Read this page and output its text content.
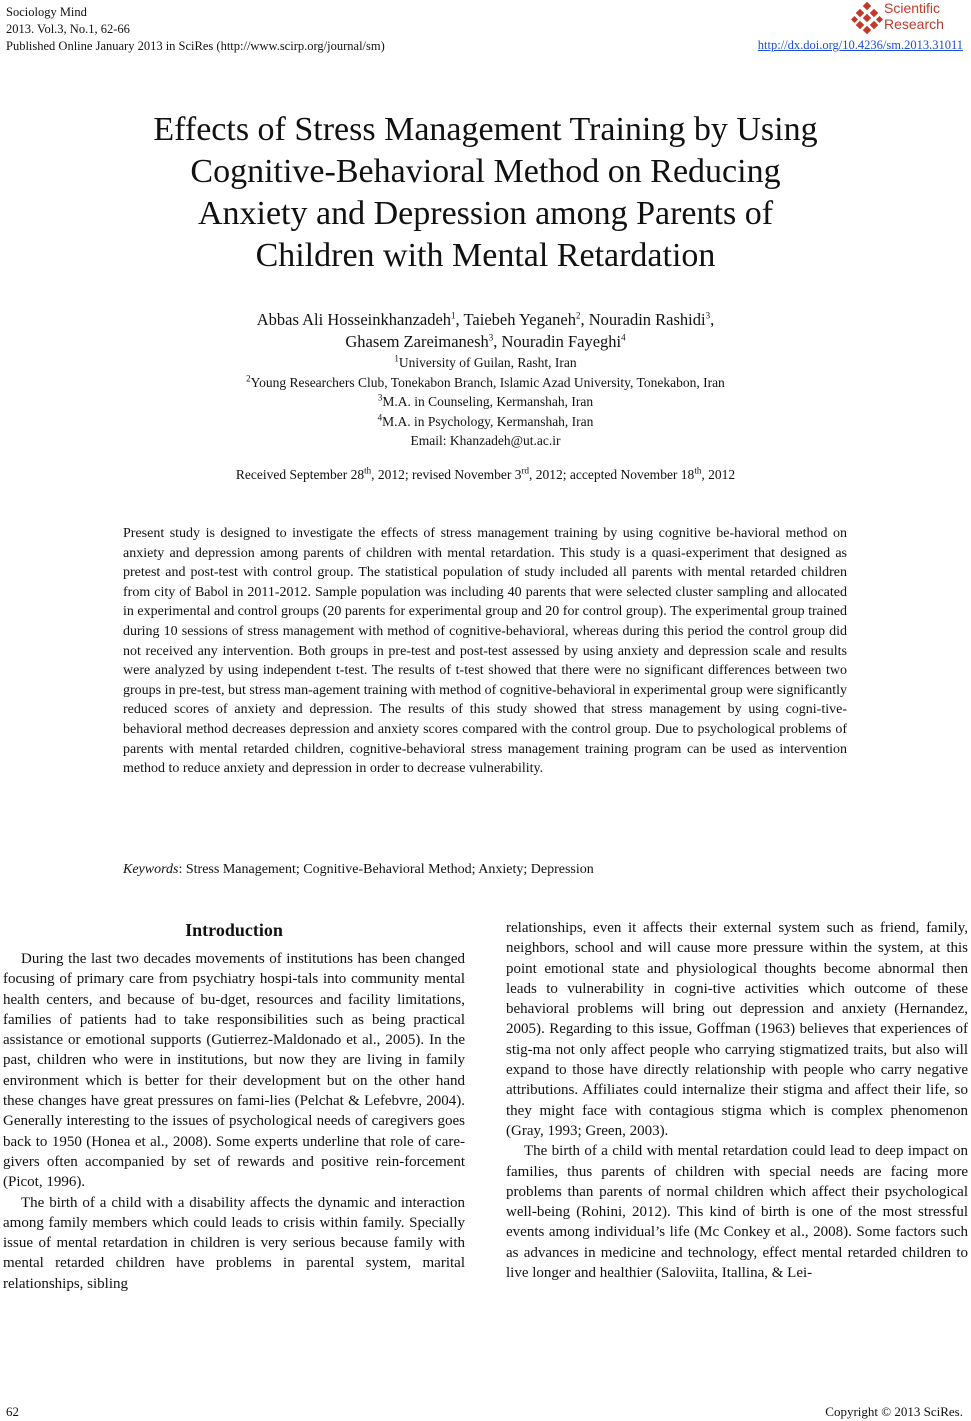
Sociology Mind
2013. Vol.3, No.1, 62-66
Published Online January 2013 in SciRes (http://www.scirp.org/journal/sm)
Scientific
Research
http://dx.doi.org/10.4236/sm.2013.31011
Effects of Stress Management Training by Using
Cognitive-Behavioral Method on Reducing
Anxiety and Depression among Parents of
Children with Mental Retardation
Abbas Ali Hosseinkhanzadeh$^1$, Taiebeh Yeganeh$^2$, Nouradin Rashidi$^3$,
Ghasem Zareimanesh$^3$, Nouradin Fayeghi$^4$
$^1$University of Guilan, Rasht, Iran
$^2$Young Researchers Club, Tonekabon Branch, Islamic Azad University, Tonekabon, Iran
$^3$M.A. in Counseling, Kermanshah, Iran
$^4$M.A. in Psychology, Kermanshah, Iran
Email: Khanzadeh@ut.ac.ir
Received September 28th, 2012; revised November 3rd, 2012; accepted November 18th, 2012
Present study is designed to investigate the effects of stress management training by using cognitive be-havioral method on anxiety and depression among parents of children with mental retardation. This study is a quasi-experiment that designed as pretest and post-test with control group. The statistical population of study included all parents with mental retarded children from city of Babol in 2011-2012. Sample population was including 40 parents that were selected cluster sampling and allocated in experimental and control groups (20 parents for experimental group and 20 for control group). The experimental group trained during 10 sessions of stress management with method of cognitive-behavioral, whereas during this period the control group did not received any intervention. Both groups in pre-test and post-test assessed by using anxiety and depression scale and results were analyzed by using independent t-test. The results of t-test showed that there were no significant differences between two groups in pre-test, but stress man-agement training with method of cognitive-behavioral in experimental group were significantly reduced scores of anxiety and depression. The results of this study showed that stress management by using cogni-tive-behavioral method decreases depression and anxiety scores compared with the control group. Due to psychological problems of parents with mental retarded children, cognitive-behavioral stress management training program can be used as intervention method to reduce anxiety and depression in order to decrease vulnerability.
Keywords: Stress Management; Cognitive-Behavioral Method; Anxiety; Depression
Introduction

During the last two decades movements of institutions has been changed focusing of primary care from psychiatry hospi-tals into community mental health centers, and because of bu-dget, resources and facility limitations, families of patients had to take responsibilities such as being practical assistance or emotional supports (Gutierrez-Maldonado et al., 2005). In the past, children who were in institutions, but now they are living in family environment which is better for their development but on the other hand these changes have great pressures on fami-lies (Pelchat & Lefebvre, 2004). Generally interesting to the issues of psychological needs of caregivers goes back to 1950 (Honea et al., 2008). Some experts underline that role of care-givers often accompanied by set of rewards and positive rein-forcement (Picot, 1996).

The birth of a child with a disability affects the dynamic and interaction among family members which could leads to crisis within family. Specially issue of mental retardation in children is very serious because family with mental retarded children have problems in parental system, marital relationships, sibling

relationships, even it affects their external system such as friend, family, neighbors, school and will cause more pressure within the system, at this point emotional state and physiological thoughts become abnormal then leads to vulnerability in cogni-tive activities which outcome of these behavioral problems will bring out depression and anxiety (Hernandez, 2005). Regarding to this issue, Goffman (1963) believes that experiences of stig-ma not only affect people who carrying stigmatized traits, but also will expand to those have directly relationship with people who carry negative attributions. Affiliates could internalize their stigma and affect their life, so they might face with contagious stigma which is complex phenomenon (Gray, 1993; Green, 2003).

The birth of a child with mental retardation could lead to deep impact on families, thus parents of children with special needs are facing more problems than parents of normal children which affect their psychological well-being (Rohini, 2012). This kind of birth is one of the most stressful events among individual’s life (Mc Conkey et al., 2008). Some factors such as advances in medicine and technology, effect mental retarded children to live longer and healthier (Saloviita, Itallina, & Lei-

62	Copyright © 2013 SciRes.
